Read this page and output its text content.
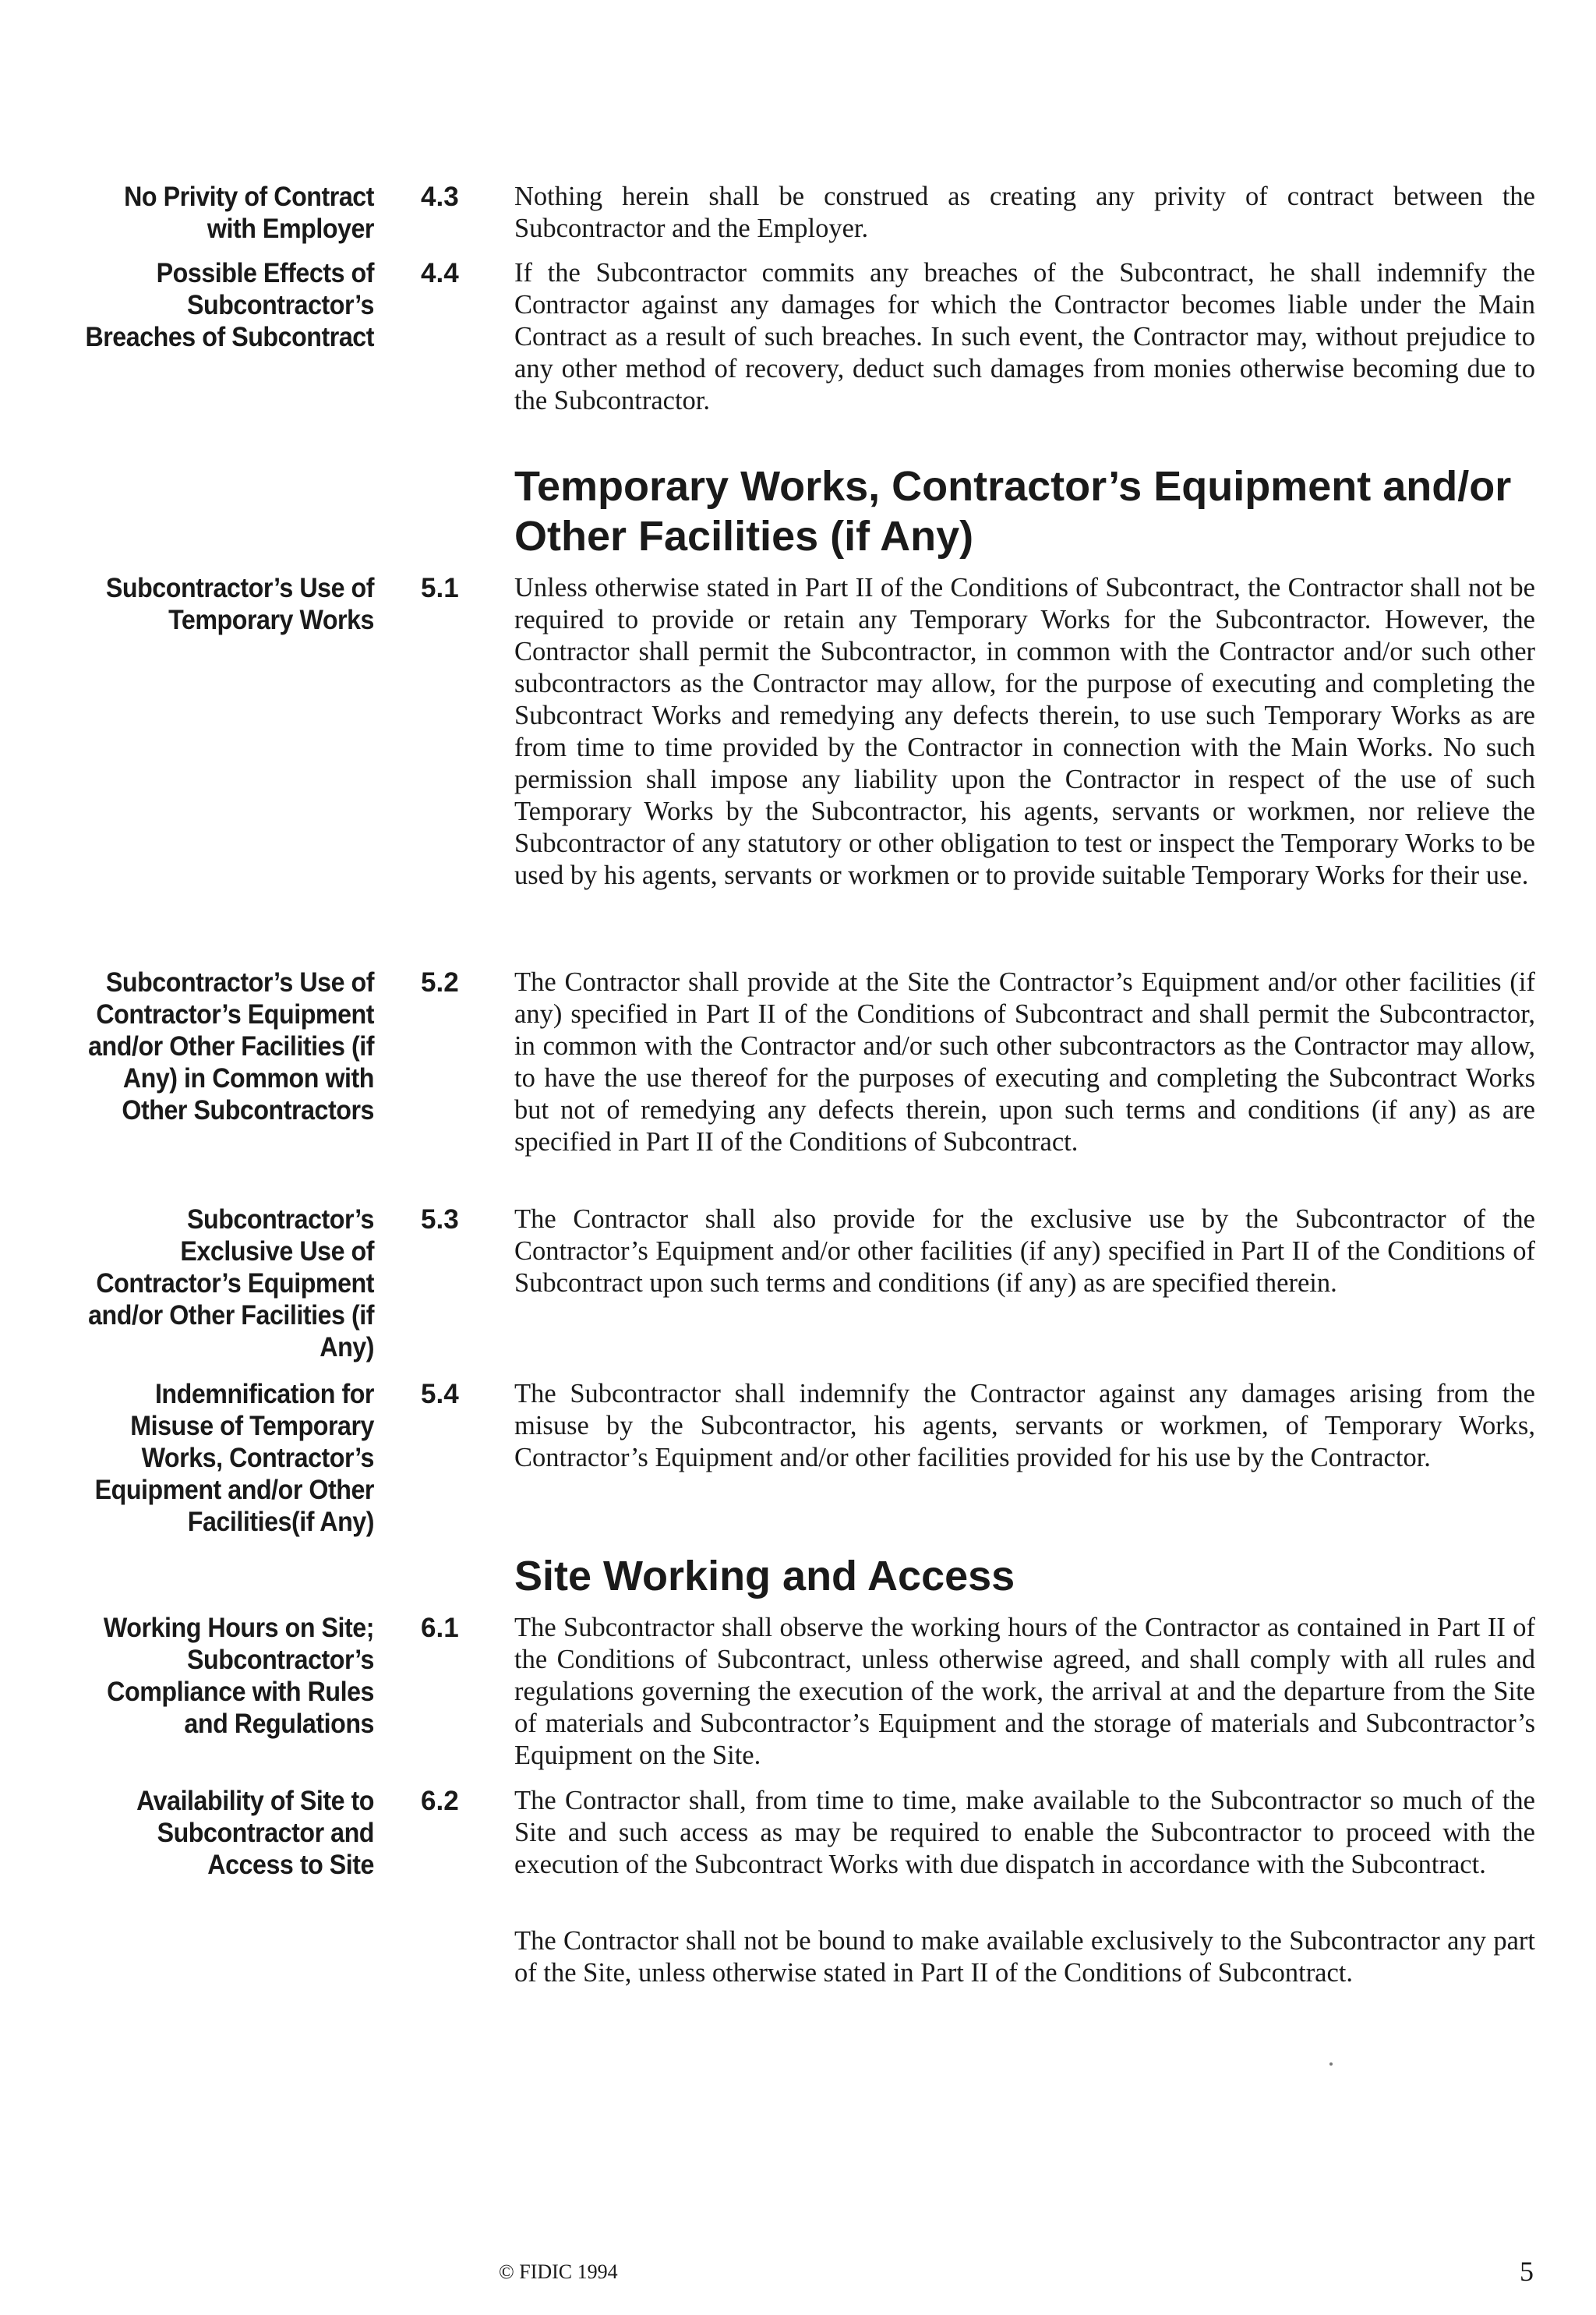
No Privity of Contract with Employer
4.3	Nothing herein shall be construed as creating any privity of contract between the Subcontractor and the Employer.
Possible Effects of Subcontractor’s Breaches of Subcontract
4.4	If the Subcontractor commits any breaches of the Subcontract, he shall indemnify the Contractor against any damages for which the Contractor becomes liable under the Main Contract as a result of such breaches. In such event, the Contractor may, without prejudice to any other method of recovery, deduct such damages from monies otherwise becoming due to the Subcontractor.
Temporary Works, Contractor’s Equipment and/or Other Facilities (if Any)
Subcontractor’s Use of Temporary Works
5.1	Unless otherwise stated in Part II of the Conditions of Subcontract, the Contractor shall not be required to provide or retain any Temporary Works for the Subcontractor. However, the Contractor shall permit the Subcontractor, in common with the Contractor and/or such other subcontractors as the Contractor may allow, for the purpose of executing and completing the Subcontract Works and remedying any defects therein, to use such Temporary Works as are from time to time provided by the Contractor in connection with the Main Works. No such permission shall impose any liability upon the Contractor in respect of the use of such Temporary Works by the Subcontractor, his agents, servants or workmen, nor relieve the Subcontractor of any statutory or other obligation to test or inspect the Temporary Works to be used by his agents, servants or workmen or to provide suitable Temporary Works for their use.
Subcontractor’s Use of Contractor’s Equipment and/or Other Facilities (if Any) in Common with Other Subcontractors
5.2	The Contractor shall provide at the Site the Contractor’s Equipment and/or other facilities (if any) specified in Part II of the Conditions of Subcontract and shall permit the Subcontractor, in common with the Contractor and/or such other subcontractors as the Contractor may allow, to have the use thereof for the purposes of executing and completing the Subcontract Works but not of remedying any defects therein, upon such terms and conditions (if any) as are specified in Part II of the Conditions of Subcontract.
Subcontractor’s Exclusive Use of Contractor’s Equipment and/or Other Facilities (if Any)
5.3	The Contractor shall also provide for the exclusive use by the Subcontractor of the Contractor’s Equipment and/or other facilities (if any) specified in Part II of the Conditions of Subcontract upon such terms and conditions (if any) as are specified therein.
Indemnification for Misuse of Temporary Works, Contractor’s Equipment and/or Other Facilities(if Any)
5.4	The Subcontractor shall indemnify the Contractor against any damages arising from the misuse by the Subcontractor, his agents, servants or workmen, of Temporary Works, Contractor’s Equipment and/or other facilities provided for his use by the Contractor.
Site Working and Access
Working Hours on Site; Subcontractor’s Compliance with Rules and Regulations
6.1	The Subcontractor shall observe the working hours of the Contractor as contained in Part II of the Conditions of Subcontract, unless otherwise agreed, and shall comply with all rules and regulations governing the execution of the work, the arrival at and the departure from the Site of materials and Subcontractor’s Equipment and the storage of materials and Subcontractor’s Equipment on the Site.
Availability of Site to Subcontractor and Access to Site
6.2	The Contractor shall, from time to time, make available to the Subcontractor so much of the Site and such access as may be required to enable the Subcontractor to proceed with the execution of the Subcontract Works with due dispatch in accordance with the Subcontract.
The Contractor shall not be bound to make available exclusively to the Subcontractor any part of the Site, unless otherwise stated in Part II of the Conditions of Subcontract.
© FIDIC 1994	5
